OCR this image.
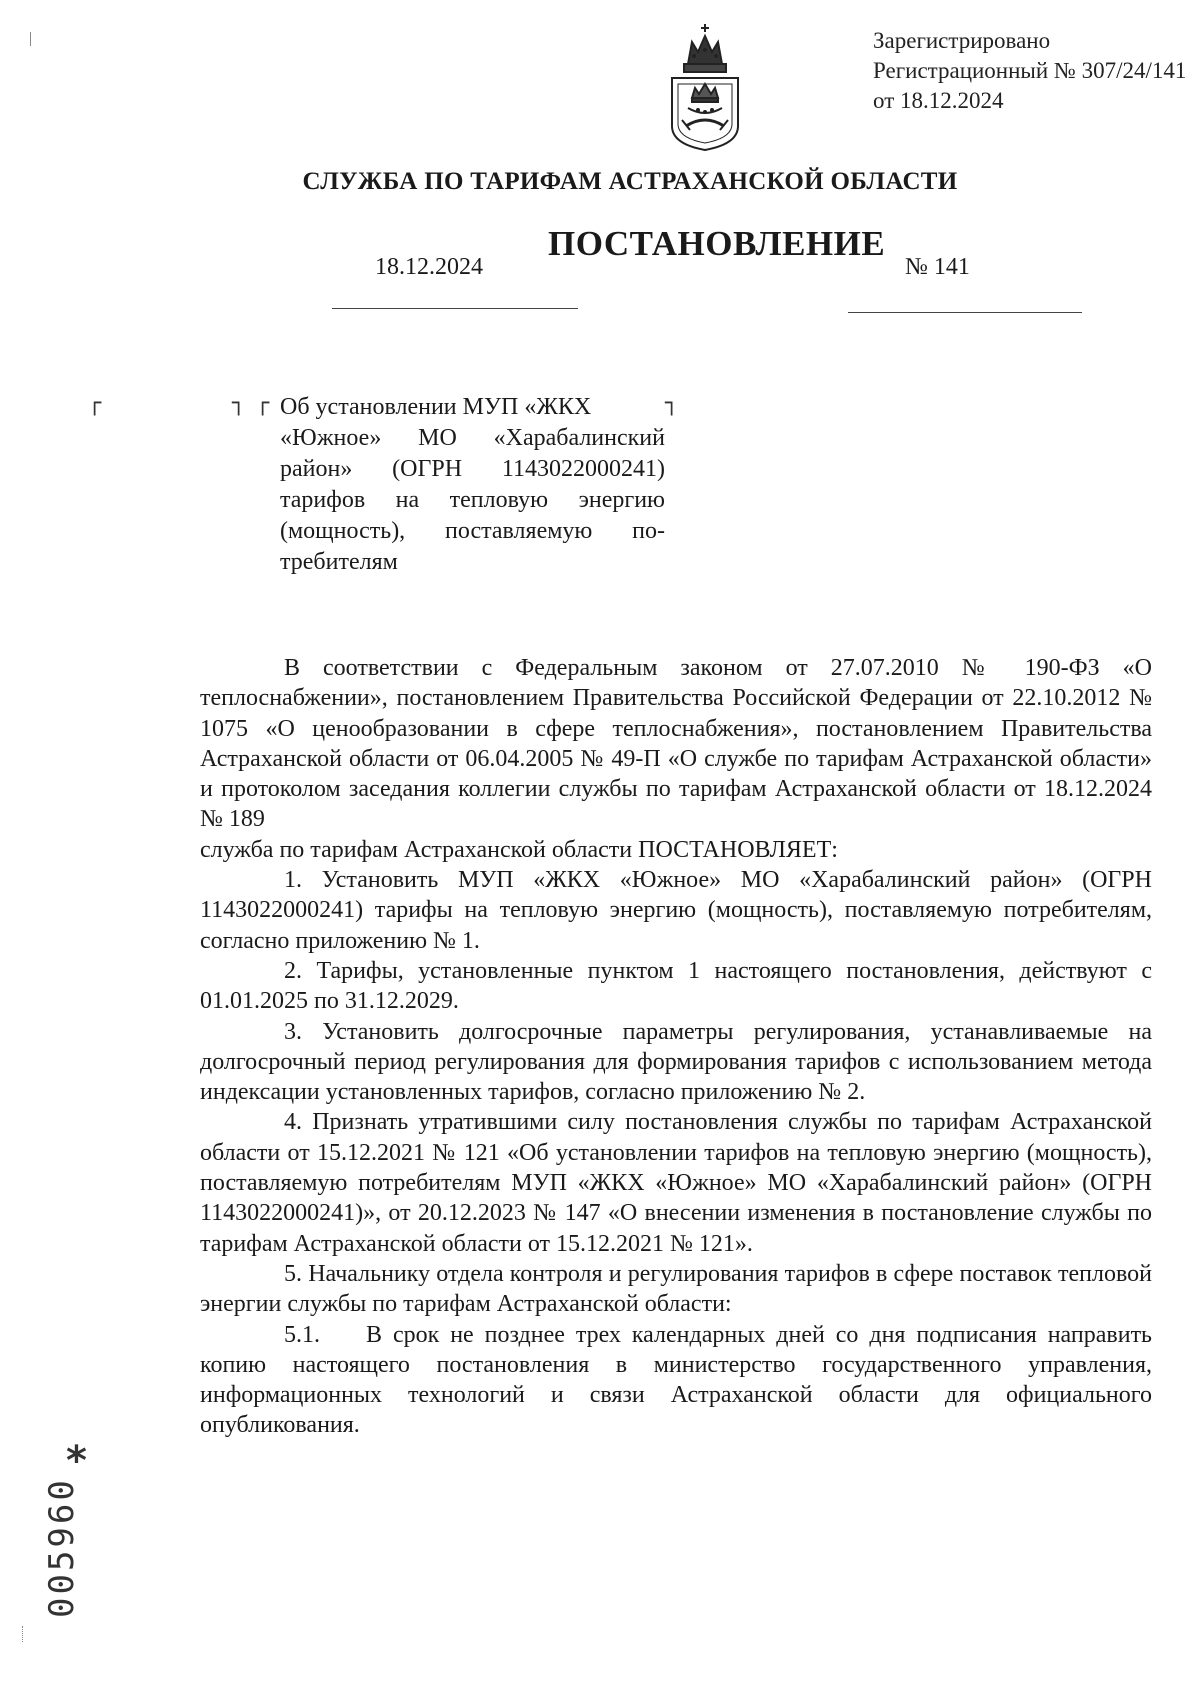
Зарегистрировано
Регистрационный № 307/24/141
от 18.12.2024
СЛУЖБА ПО ТАРИФАМ АСТРАХАНСКОЙ ОБЛАСТИ
ПОСТАНОВЛЕНИЕ
18.12.2024	№ 141
┌	┐ ┌	┐
Об установлении МУП «ЖКХ
«Южное» МО «Харабалинский
район» (ОГРН 1143022000241)
тарифов на тепловую энергию
(мощность), поставляемую по-
требителям

В соответствии с Федеральным законом от 27.07.2010 № 190-ФЗ «О теплоснабжении», постановлением Правительства Российской Федерации от 22.10.2012 № 1075 «О ценообразовании в сфере теплоснабжения», постановлением Правительства Астраханской области от 06.04.2005 № 49-П «О службе по тарифам Астраханской области» и протоколом заседания коллегии службы по тарифам Астраханской области от 18.12.2024 № 189

служба по тарифам Астраханской области ПОСТАНОВЛЯЕТ:

1. Установить МУП «ЖКХ «Южное» МО «Харабалинский район» (ОГРН 1143022000241) тарифы на тепловую энергию (мощность), поставляемую потребителям, согласно приложению № 1.

2. Тарифы, установленные пунктом 1 настоящего постановления, действуют с 01.01.2025 по 31.12.2029.

3. Установить долгосрочные параметры регулирования, устанавливаемые на долгосрочный период регулирования для формирования тарифов с использованием метода индексации установленных тарифов, согласно приложению № 2.

4. Признать утратившими силу постановления службы по тарифам Астраханской области от 15.12.2021 № 121 «Об установлении тарифов на тепловую энергию (мощность), поставляемую потребителям МУП «ЖКХ «Южное» МО «Харабалинский район» (ОГРН 1143022000241)», от 20.12.2023 № 147 «О внесении изменения в постановление службы по тарифам Астраханской области от 15.12.2021 № 121».

5. Начальнику отдела контроля и регулирования тарифов в сфере поставок тепловой энергии службы по тарифам Астраханской области:

5.1. В срок не позднее трех календарных дней со дня подписания направить копию настоящего постановления в министерство государственного управления, информационных технологий и связи Астраханской области для официального опубликования.

*
005960
